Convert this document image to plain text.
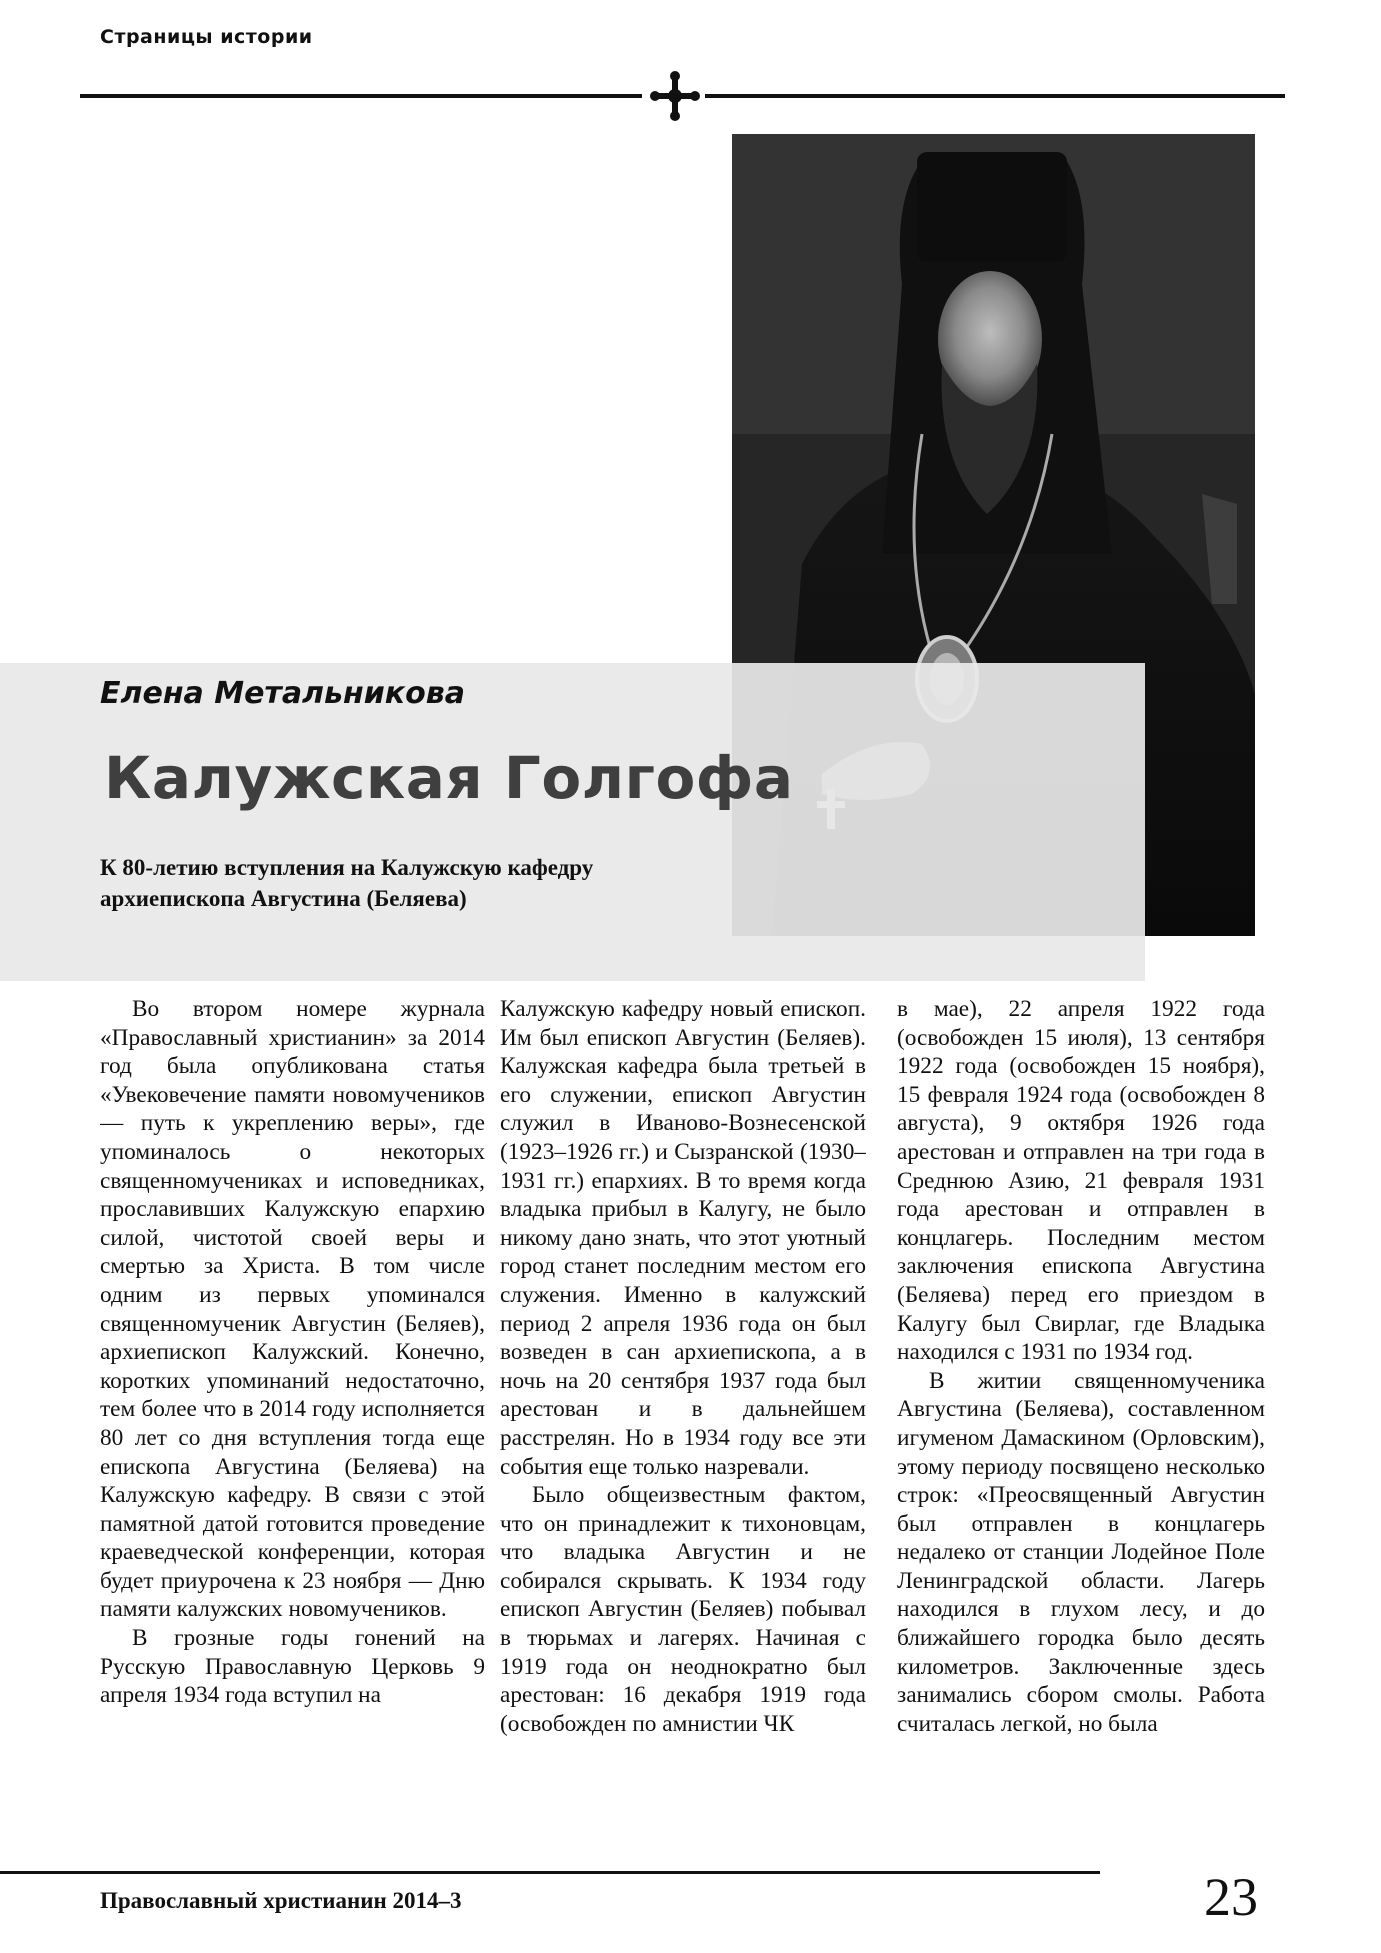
Страницы истории
Елена Метальникова
Калужская Голгофа
К 80-летию вступления на Калужскую кафедру
архиепископа Августина (Беляева)

Во втором номере журнала «Православный христианин» за 2014 год была опубликована статья «Увековечение памяти новомучеников — путь к укреплению веры», где упоминалось о некоторых священномучениках и исповедниках, прославивших Калужскую епархию силой, чистотой своей веры и смертью за Христа. В том числе одним из первых упоминался священномученик Августин (Беляев), архиепископ Калужский. Конечно, коротких упоминаний недостаточно, тем более что в 2014 году исполняется 80 лет со дня вступления тогда еще епископа Августина (Беляева) на Калужскую кафедру. В связи с этой памятной датой готовится проведение краеведческой конференции, которая будет приурочена к 23 ноября — Дню памяти калужских новомучеников.

В грозные годы гонений на Русскую Православную Церковь 9 апреля 1934 года вступил на

Калужскую кафедру новый епископ. Им был епископ Августин (Беляев). Калужская кафедра была третьей в его служении, епископ Августин служил в Иваново-Вознесенской (1923–1926 гг.) и Сызранской (1930–1931 гг.) епархиях. В то время когда владыка прибыл в Калугу, не было никому дано знать, что этот уютный город станет последним местом его служения. Именно в калужский период 2 апреля 1936 года он был возведен в сан архиепископа, а в ночь на 20 сентября 1937 года был арестован и в дальнейшем расстрелян. Но в 1934 году все эти события еще только назревали.

Было общеизвестным фактом, что он принадлежит к тихоновцам, что владыка Августин и не собирался скрывать. К 1934 году епископ Августин (Беляев) побывал в тюрьмах и лагерях. Начиная с 1919 года он неоднократно был арестован: 16 декабря 1919 года (освобожден по амнистии ЧК

в мае), 22 апреля 1922 года (освобожден 15 июля), 13 сентября 1922 года (освобожден 15 ноября), 15 февраля 1924 года (освобожден 8 августа), 9 октября 1926 года арестован и отправлен на три года в Среднюю Азию, 21 февраля 1931 года арестован и отправлен в концлагерь. Последним местом заключения епископа Августина (Беляева) перед его приездом в Калугу был Свирлаг, где Владыка находился с 1931 по 1934 год.

В житии священномученика Августина (Беляева), составленном игуменом Дамаскином (Орловским), этому периоду посвящено несколько строк: «Преосвященный Августин был отправлен в концлагерь недалеко от станции Лодейное Поле Ленинградской области. Лагерь находился в глухом лесу, и до ближайшего городка было десять километров. Заключенные здесь занимались сбором смолы. Работа считалась легкой, но была

Православный христианин 2014–3	23
